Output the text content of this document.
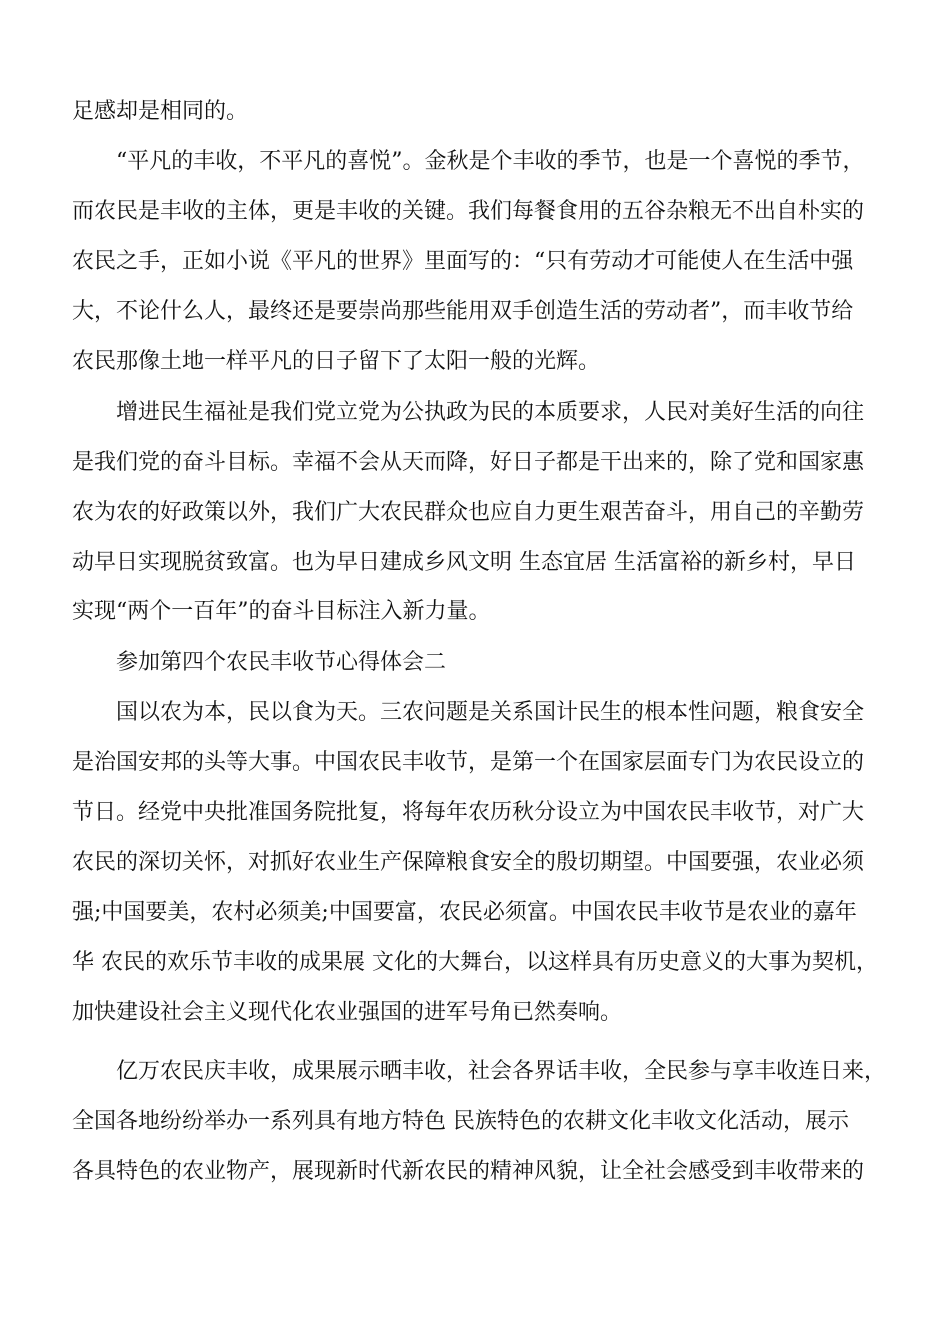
足感却是相同的。
“平凡的丰收，不平凡的喜悦”。金秋是个丰收的季节，也是一个喜悦的季节，
而农民是丰收的主体，更是丰收的关键。我们每餐食用的五谷杂粮无不出自朴实的
农民之手，正如小说《平凡的世界》里面写的：“只有劳动才可能使人在生活中强
大，不论什么人，最终还是要崇尚那些能用双手创造生活的劳动者”，而丰收节给
农民那像土地一样平凡的日子留下了太阳一般的光辉。
增进民生福祉是我们党立党为公执政为民的本质要求，人民对美好生活的向往
是我们党的奋斗目标。幸福不会从天而降，好日子都是干出来的，除了党和国家惠
农为农的好政策以外，我们广大农民群众也应自力更生艰苦奋斗，用自己的辛勤劳
动早日实现脱贫致富。也为早日建成乡风文明 生态宜居 生活富裕的新乡村，早日
实现“两个一百年”的奋斗目标注入新力量。
参加第四个农民丰收节心得体会二
国以农为本，民以食为天。三农问题是关系国计民生的根本性问题，粮食安全
是治国安邦的头等大事。中国农民丰收节，是第一个在国家层面专门为农民设立的
节日。经党中央批准国务院批复，将每年农历秋分设立为中国农民丰收节，对广大
农民的深切关怀，对抓好农业生产保障粮食安全的殷切期望。中国要强，农业必须
强;中国要美，农村必须美;中国要富，农民必须富。中国农民丰收节是农业的嘉年
华 农民的欢乐节丰收的成果展 文化的大舞台，以这样具有历史意义的大事为契机，
加快建设社会主义现代化农业强国的进军号角已然奏响。
亿万农民庆丰收，成果展示晒丰收，社会各界话丰收，全民参与享丰收连日来，
全国各地纷纷举办一系列具有地方特色 民族特色的农耕文化丰收文化活动，展示
各具特色的农业物产，展现新时代新农民的精神风貌，让全社会感受到丰收带来的
